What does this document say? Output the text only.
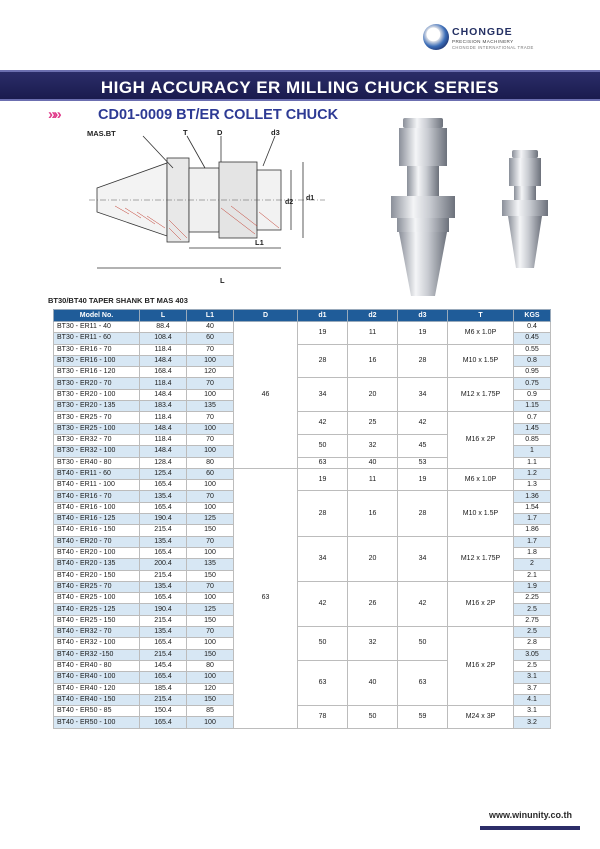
CHONGDE
PRECISION MACHINERY
CHONGDE INTERNATIONAL TRADE
HIGH ACCURACY ER MILLING CHUCK SERIES
»»	CD01-0009 BT/ER COLLET CHUCK
MAS.BT	T	D	d3
d2
d1
L1
L
BT30/BT40 TAPER SHANK BT MAS 403
Model No.	L	L1	D	d1	d2	d3	T	KGS
BT30 - ER11 - 40	88.4	40	46	19	11	19	M6 x 1.0P	0.4
BT30 - ER11 - 60	108.4	60						0.45
BT30 - ER16 - 70	118.4	70		28	16	28	M10 x 1.5P	0.55
BT30 - ER16 - 100	148.4	100						0.8
BT30 - ER16 - 120	168.4	120						0.95
BT30 - ER20 - 70	118.4	70		34	20	34	M12 x 1.75P	0.75
BT30 - ER20 - 100	148.4	100						0.9
BT30 - ER20 - 135	183.4	135						1.15
BT30 - ER25 - 70	118.4	70		42	25	42	M16 x 2P	0.7
BT30 - ER25 - 100	148.4	100						1.45
BT30 - ER32 - 70	118.4	70		50	32	45		0.85
BT30 - ER32 - 100	148.4	100						1
BT30 - ER40 - 80	128.4	80		63	40	53		1.1
BT40 - ER11 - 60	125.4	60	63	19	11	19	M6 x 1.0P	1.2
BT40 - ER11 - 100	165.4	100						1.3
BT40 - ER16 - 70	135.4	70		28	16	28	M10 x 1.5P	1.36
BT40 - ER16 - 100	165.4	100						1.54
BT40 - ER16 - 125	190.4	125						1.7
BT40 - ER16 - 150	215.4	150						1.86
BT40 - ER20 - 70	135.4	70		34	20	34	M12 x 1.75P	1.7
BT40 - ER20 - 100	165.4	100						1.8
BT40 - ER20 - 135	200.4	135						2
BT40 - ER20 - 150	215.4	150						2.1
BT40 - ER25 - 70	135.4	70		42	26	42	M16 x 2P	1.9
BT40 - ER25 - 100	165.4	100						2.25
BT40 - ER25 - 125	190.4	125						2.5
BT40 - ER25 - 150	215.4	150						2.75
BT40 - ER32 - 70	135.4	70		50	32	50	M16 x 2P	2.5
BT40 - ER32 - 100	165.4	100						2.8
BT40 - ER32 -150	215.4	150						3.05
BT40 - ER40 - 80	145.4	80		63	40	63		2.5
BT40 - ER40 - 100	165.4	100						3.1
BT40 - ER40 - 120	185.4	120						3.7
BT40 - ER40 - 150	215.4	150						4.1
BT40 - ER50 - 85	150.4	85		78	50	59	M24 x 3P	3.1
BT40 - ER50 - 100	165.4	100						3.2
www.winunity.co.th
